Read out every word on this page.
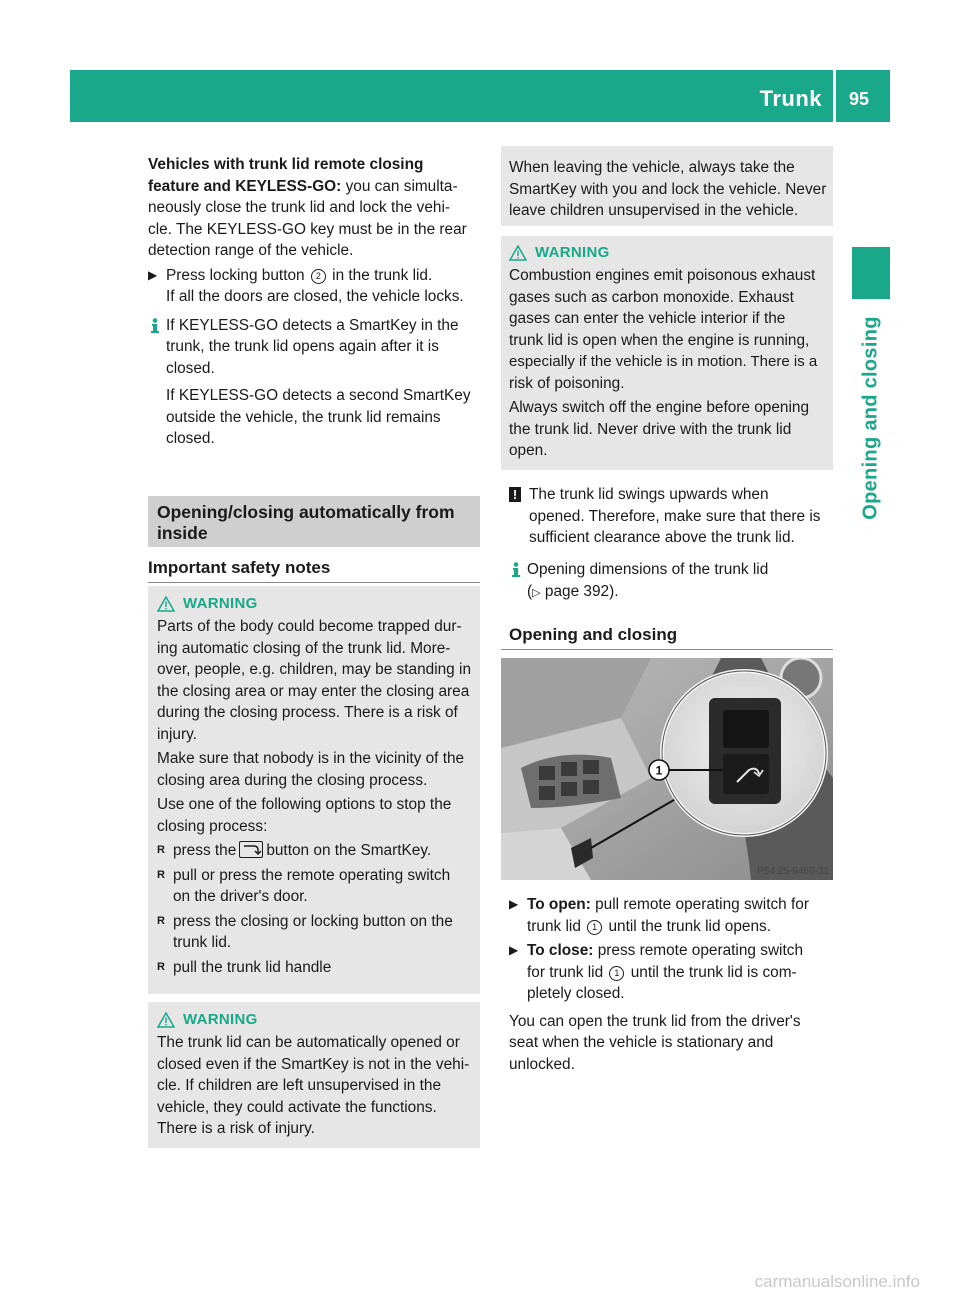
Trunk	95
Opening and closing

Vehicles with trunk lid remote closing

feature and KEYLESS-GO: you can simulta-

neously close the trunk lid and lock the vehi-

cle. The KEYLESS-GO key must be in the rear

detection range of the vehicle.

▶ Press locking button 2 in the trunk lid.

If all the doors are closed, the vehicle locks.

If KEYLESS-GO detects a SmartKey in the

trunk, the trunk lid opens again after it is

closed.

If KEYLESS-GO detects a second SmartKey

outside the vehicle, the trunk lid remains

closed.

Opening/closing automatically from
inside
Important safety notes
WARNING

Parts of the body could become trapped dur-

ing automatic closing of the trunk lid. More-

over, people, e.g. children, may be standing in

the closing area or may enter the closing area

during the closing process. There is a risk of

injury.

Make sure that nobody is in the vicinity of the

closing area during the closing process.

Use one of the following options to stop the

closing process:

R press the button on the SmartKey.

R pull or press the remote operating switch

on the driver's door.

R press the closing or locking button on the

trunk lid.

R pull the trunk lid handle

WARNING

The trunk lid can be automatically opened or

closed even if the SmartKey is not in the vehi-

cle. If children are left unsupervised in the

vehicle, they could activate the functions.

There is a risk of injury.

When leaving the vehicle, always take the

SmartKey with you and lock the vehicle. Never

leave children unsupervised in the vehicle.

WARNING

Combustion engines emit poisonous exhaust

gases such as carbon monoxide. Exhaust

gases can enter the vehicle interior if the

trunk lid is open when the engine is running,

especially if the vehicle is in motion. There is a

risk of poisoning.

Always switch off the engine before opening

the trunk lid. Never drive with the trunk lid

open.

! The trunk lid swings upwards when

opened. Therefore, make sure that there is

sufficient clearance above the trunk lid.

Opening dimensions of the trunk lid

(▷ page 392).

Opening and closing
1
P54.25-9466-31
▶ To open: pull remote operating switch for

trunk lid 1 until the trunk lid opens.

▶ To close: press remote operating switch

for trunk lid 1 until the trunk lid is com-

pletely closed.

You can open the trunk lid from the driver's

seat when the vehicle is stationary and

unlocked.

carmanualsonline.info
